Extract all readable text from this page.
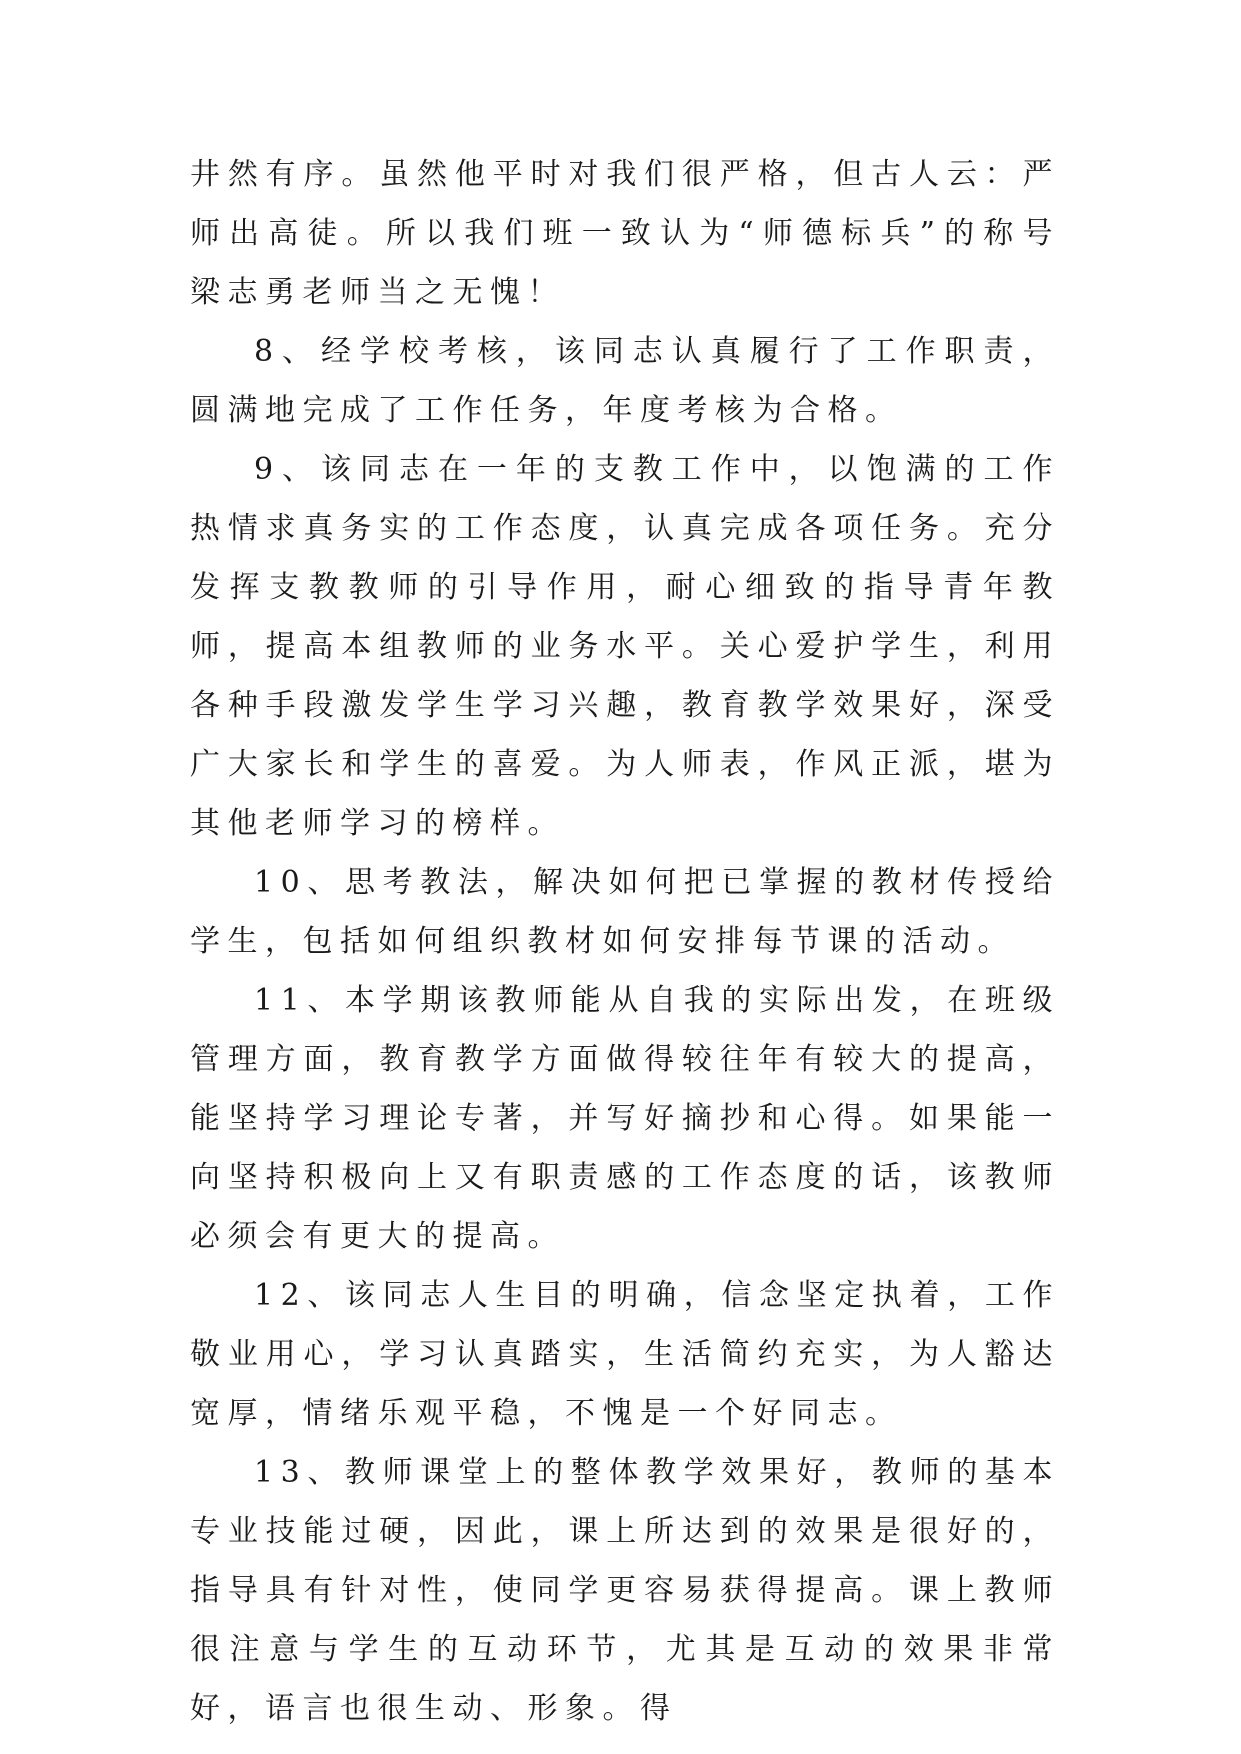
井然有序。虽然他平时对我们很严格，但古人云：严师出高徒。所以我们班一致认为“师德标兵”的称号梁志勇老师当之无愧！

8、经学校考核，该同志认真履行了工作职责，圆满地完成了工作任务，年度考核为合格。

9、该同志在一年的支教工作中，以饱满的工作热情求真务实的工作态度，认真完成各项任务。充分发挥支教教师的引导作用，耐心细致的指导青年教师，提高本组教师的业务水平。关心爱护学生，利用各种手段激发学生学习兴趣，教育教学效果好，深受广大家长和学生的喜爱。为人师表，作风正派，堪为其他老师学习的榜样。

10、思考教法，解决如何把已掌握的教材传授给学生，包括如何组织教材如何安排每节课的活动。

11、本学期该教师能从自我的实际出发，在班级管理方面，教育教学方面做得较往年有较大的提高，能坚持学习理论专著，并写好摘抄和心得。如果能一向坚持积极向上又有职责感的工作态度的话，该教师必须会有更大的提高。

12、该同志人生目的明确，信念坚定执着，工作敬业用心，学习认真踏实，生活简约充实，为人豁达宽厚，情绪乐观平稳，不愧是一个好同志。

13、教师课堂上的整体教学效果好，教师的基本专业技能过硬，因此，课上所达到的效果是很好的，指导具有针对性，使同学更容易获得提高。课上教师很注意与学生的互动环节，尤其是互动的效果非常好，语言也很生动、形象。得
